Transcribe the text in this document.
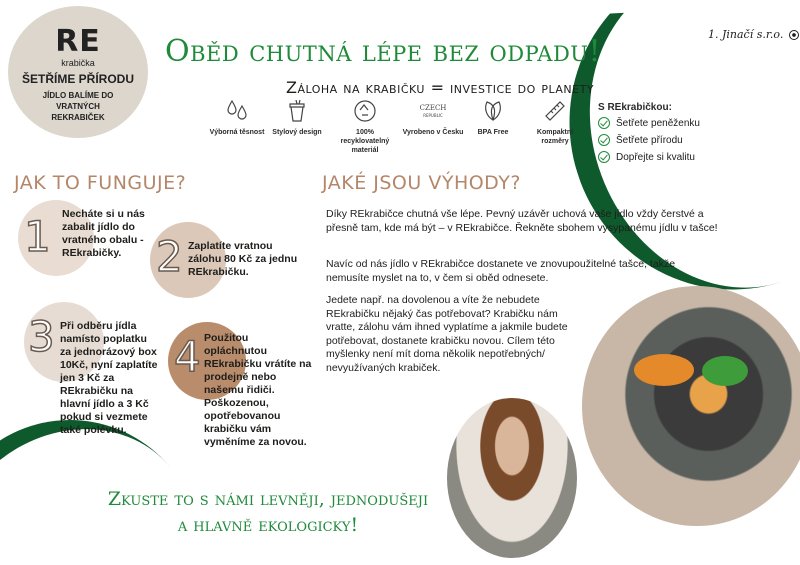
RE
krabička
ŠETŘÍME PŘÍRODU
JÍDLO BALÍME DO VRATNÝCH REKRABIČEK
Oběd chutná lépe bez odpadu!	1. Jinačí s.r.o.
Záloha na krabičku = investice do planety
Výborná těsnost	Stylový design	100% recyklovatelný materiál
CZECH
REPUBLIC
Vyrobeno v Česku	BPA Free	Kompaktní rozměry
S REkrabičkou:
Šetřete peněženku
Šetřete přírodu
Dopřejte si kvalitu
JAK TO FUNGUJE?	JAKÉ JSOU VÝHODY?
1 Necháte si u nás zabalit jídlo do vratného obalu - REkrabičky. 2 Zaplatíte vratnou zálohu 80 Kč za jednu REkrabičku.
3 Při odběru jídla namísto poplatku za jednorázový box 10Kč, nyní zaplatíte jen 3 Kč za REkrabičku na hlavní jídlo a 3 Kč pokud si vezmete také polévku.
4 Použitou opláchnutou REkrabičku vrátíte na prodejně nebo našemu řidiči. Poškozenou, opotřebovanou krabičku vám vyměníme za novou.
Díky REkrabičce chutná vše lépe. Pevný uzávěr uchová vaše jídlo vždy čerstvé a přesně tam, kde má být – v REkrabičce. Řekněte sbohem vysypanému jídlu v tašce!
Navíc od nás jídlo v REkrabičce dostanete ve znovupoužitelné tašce, takže nemusíte myslet na to, v čem si oběd odnesete.
Jedete např. na dovolenou a víte že nebudete REkrabičku nějaký čas potřebovat? Krabičku nám vratte, zálohu vám ihned vyplatíme a jakmile budete potřebovat, dostanete krabičku novou. Cílem této myšlenky není mít doma několik nepotřebných/ nevyužívaných krabiček.
Zkuste to s námi levněji, jednodušeji
a hlavně ekologicky!
